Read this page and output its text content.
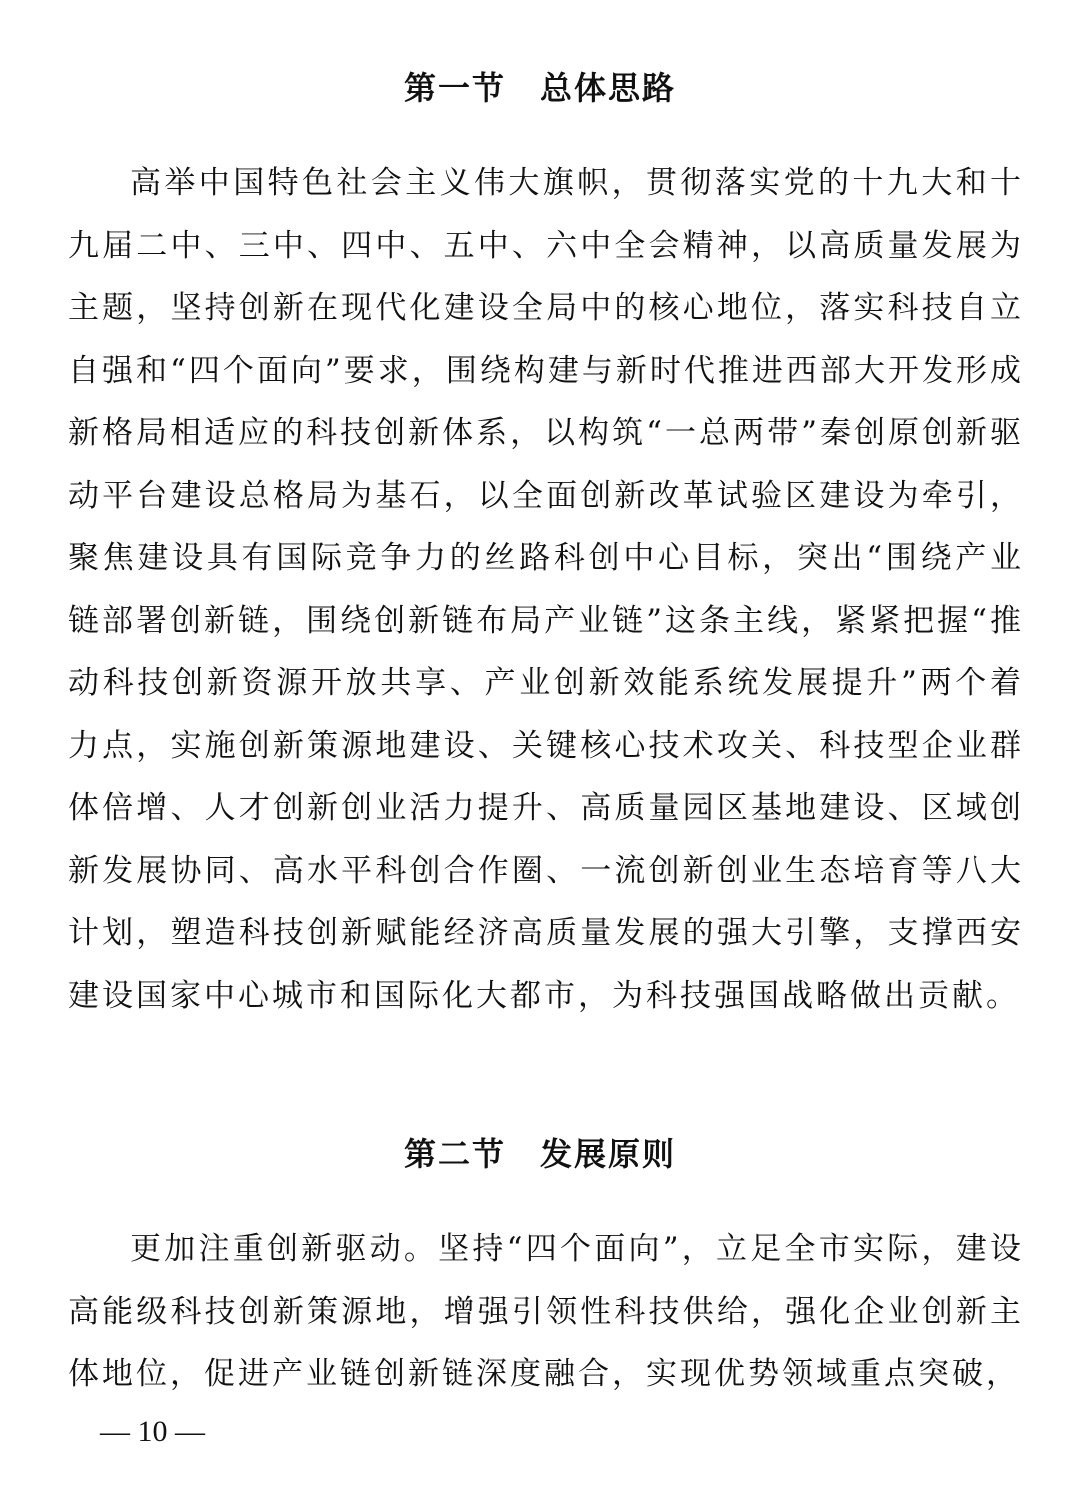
第一节　总体思路

高举中国特色社会主义伟大旗帜，贯彻落实党的十九大和十九届二中、三中、四中、五中、六中全会精神，以高质量发展为主题，坚持创新在现代化建设全局中的核心地位，落实科技自立自强和“四个面向”要求，围绕构建与新时代推进西部大开发形成新格局相适应的科技创新体系，以构筑“一总两带”秦创原创新驱动平台建设总格局为基石，以全面创新改革试验区建设为牵引，聚焦建设具有国际竞争力的丝路科创中心目标，突出“围绕产业链部署创新链，围绕创新链布局产业链”这条主线，紧紧把握“推动科技创新资源开放共享、产业创新效能系统发展提升”两个着力点，实施创新策源地建设、关键核心技术攻关、科技型企业群体倍增、人才创新创业活力提升、高质量园区基地建设、区域创新发展协同、高水平科创合作圈、一流创新创业生态培育等八大计划，塑造科技创新赋能经济高质量发展的强大引擎，支撑西安建设国家中心城市和国际化大都市，为科技强国战略做出贡献。

第二节　发展原则

更加注重创新驱动。坚持“四个面向”，立足全市实际，建设高能级科技创新策源地，增强引领性科技供给，强化企业创新主体地位，促进产业链创新链深度融合，实现优势领域重点突破，

— 10 —
